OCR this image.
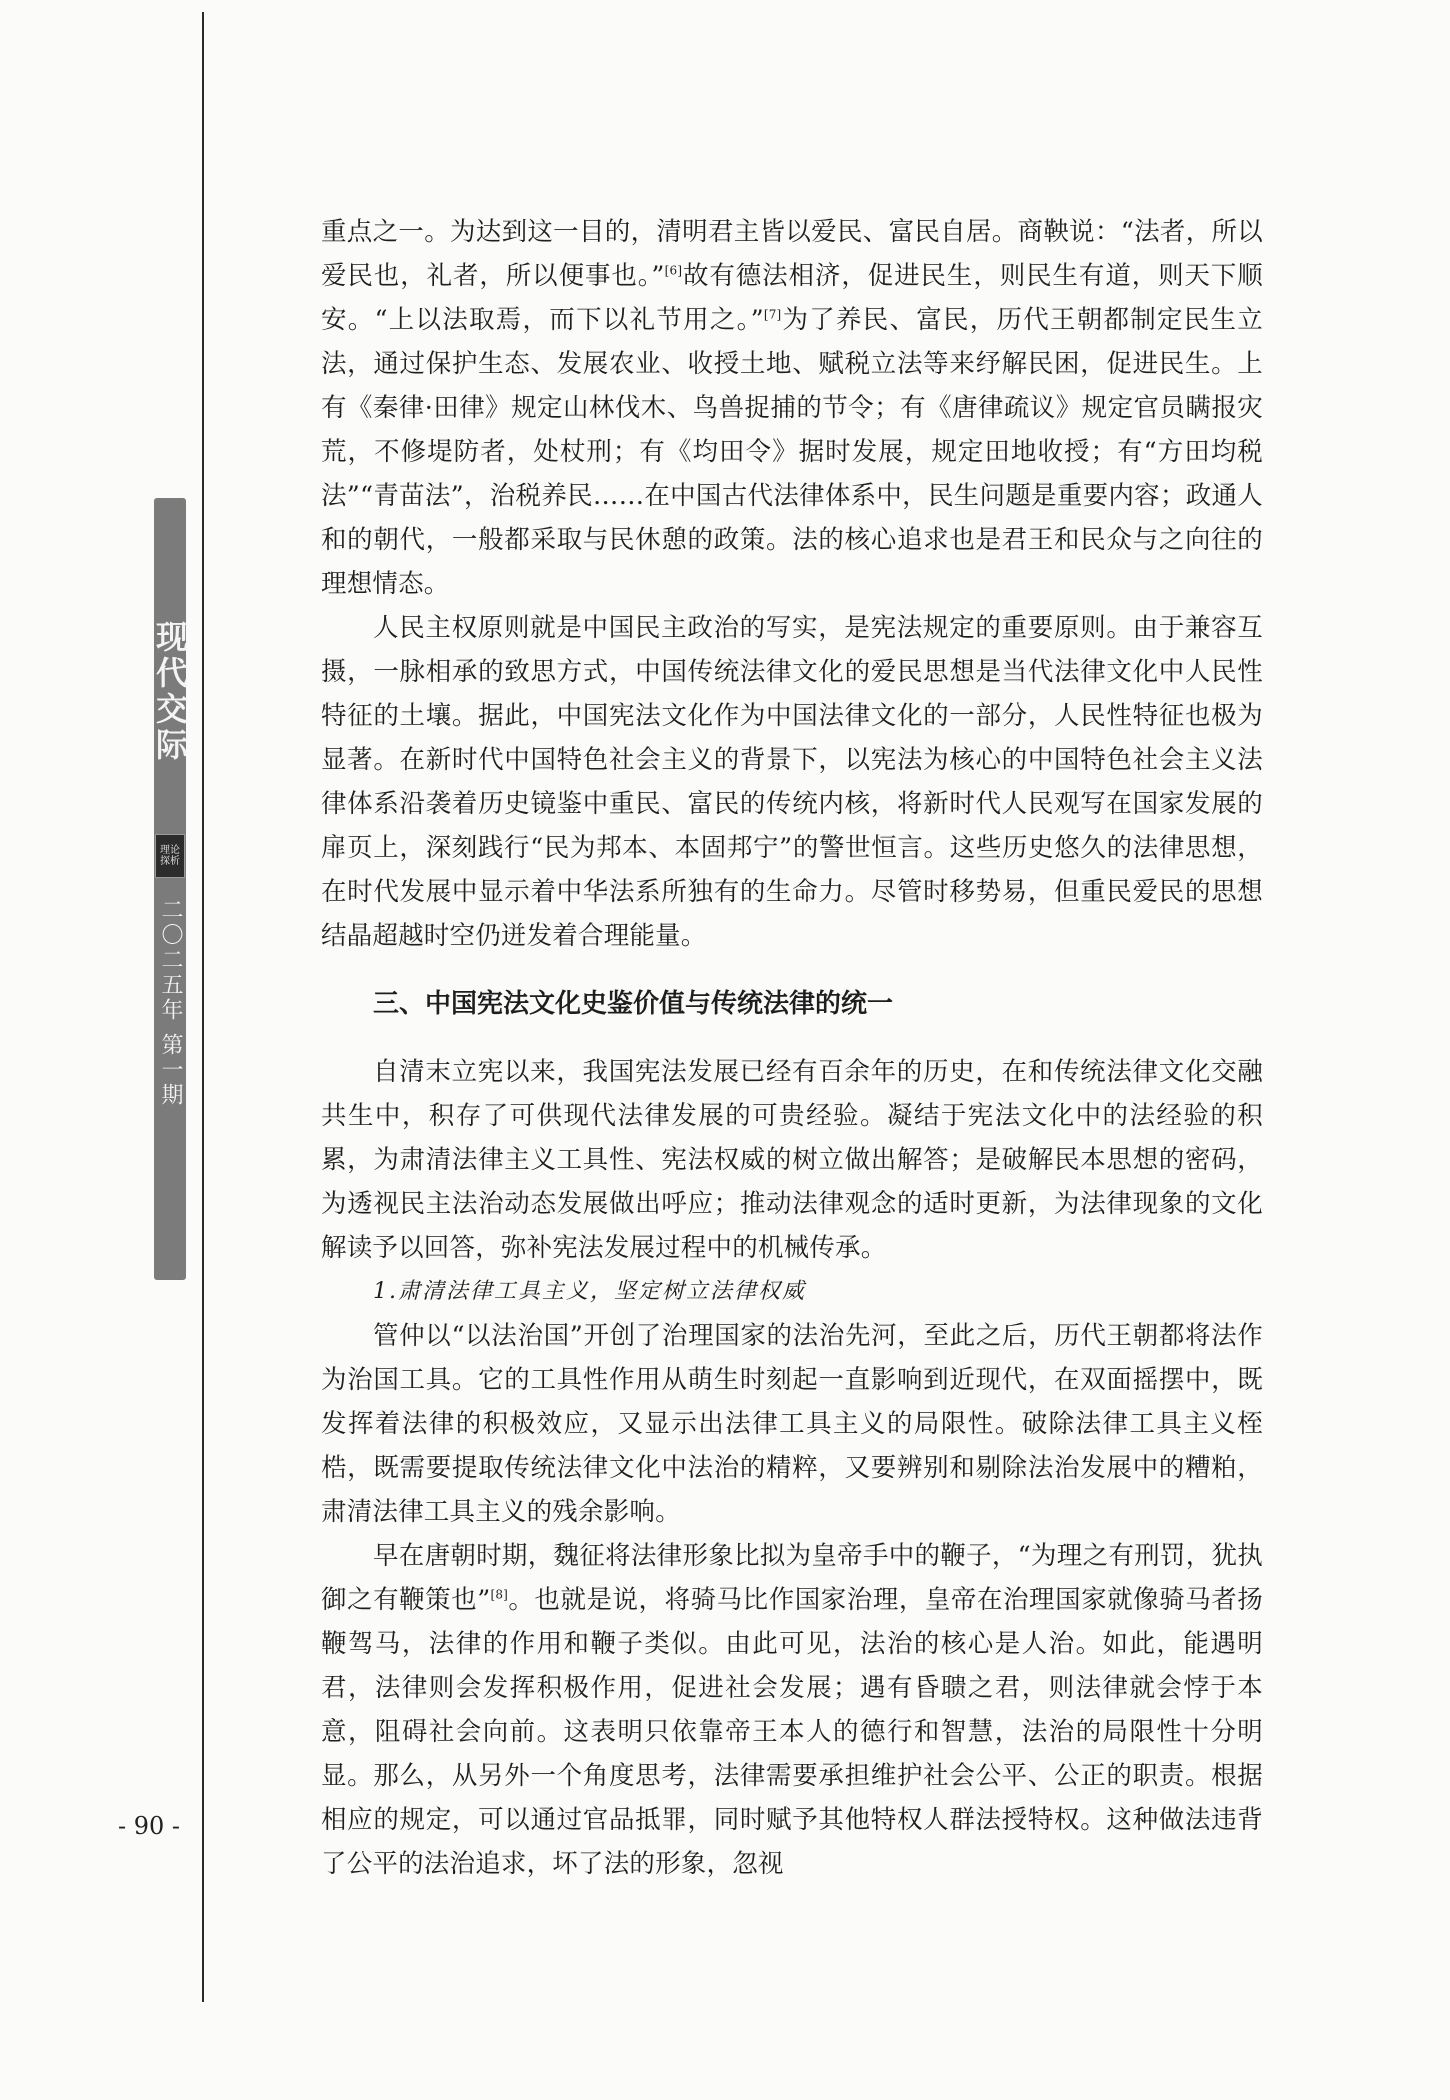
现代交际
理论
探析
二〇二五年 第一期
- 90 -

重点之一。为达到这一目的，清明君主皆以爱民、富民自居。商鞅说：“法者，所以爱民也，礼者，所以便事也。”[6]故有德法相济，促进民生，则民生有道，则天下顺安。“上以法取焉，而下以礼节用之。”[7]为了养民、富民，历代王朝都制定民生立法，通过保护生态、发展农业、收授土地、赋税立法等来纾解民困，促进民生。上有《秦律·田律》规定山林伐木、鸟兽捉捕的节令；有《唐律疏议》规定官员瞒报灾荒，不修堤防者，处杖刑；有《均田令》据时发展，规定田地收授；有“方田均税法”“青苗法”，治税养民……在中国古代法律体系中，民生问题是重要内容；政通人和的朝代，一般都采取与民休憩的政策。法的核心追求也是君王和民众与之向往的理想情态。

人民主权原则就是中国民主政治的写实，是宪法规定的重要原则。由于兼容互摄，一脉相承的致思方式，中国传统法律文化的爱民思想是当代法律文化中人民性特征的土壤。据此，中国宪法文化作为中国法律文化的一部分，人民性特征也极为显著。在新时代中国特色社会主义的背景下，以宪法为核心的中国特色社会主义法律体系沿袭着历史镜鉴中重民、富民的传统内核，将新时代人民观写在国家发展的扉页上，深刻践行“民为邦本、本固邦宁”的警世恒言。这些历史悠久的法律思想，在时代发展中显示着中华法系所独有的生命力。尽管时移势易，但重民爱民的思想结晶超越时空仍迸发着合理能量。

三、中国宪法文化史鉴价值与传统法律的统一

自清末立宪以来，我国宪法发展已经有百余年的历史，在和传统法律文化交融共生中，积存了可供现代法律发展的可贵经验。凝结于宪法文化中的法经验的积累，为肃清法律主义工具性、宪法权威的树立做出解答；是破解民本思想的密码，为透视民主法治动态发展做出呼应；推动法律观念的适时更新，为法律现象的文化解读予以回答，弥补宪法发展过程中的机械传承。

1.肃清法律工具主义，坚定树立法律权威

管仲以“以法治国”开创了治理国家的法治先河，至此之后，历代王朝都将法作为治国工具。它的工具性作用从萌生时刻起一直影响到近现代，在双面摇摆中，既发挥着法律的积极效应，又显示出法律工具主义的局限性。破除法律工具主义桎梏，既需要提取传统法律文化中法治的精粹，又要辨别和剔除法治发展中的糟粕，肃清法律工具主义的残余影响。

早在唐朝时期，魏征将法律形象比拟为皇帝手中的鞭子，“为理之有刑罚，犹执御之有鞭策也”[8]。也就是说，将骑马比作国家治理，皇帝在治理国家就像骑马者扬鞭驾马，法律的作用和鞭子类似。由此可见，法治的核心是人治。如此，能遇明君，法律则会发挥积极作用，促进社会发展；遇有昏聩之君，则法律就会悖于本意，阻碍社会向前。这表明只依靠帝王本人的德行和智慧，法治的局限性十分明显。那么，从另外一个角度思考，法律需要承担维护社会公平、公正的职责。根据相应的规定，可以通过官品抵罪，同时赋予其他特权人群法授特权。这种做法违背了公平的法治追求，坏了法的形象，忽视
